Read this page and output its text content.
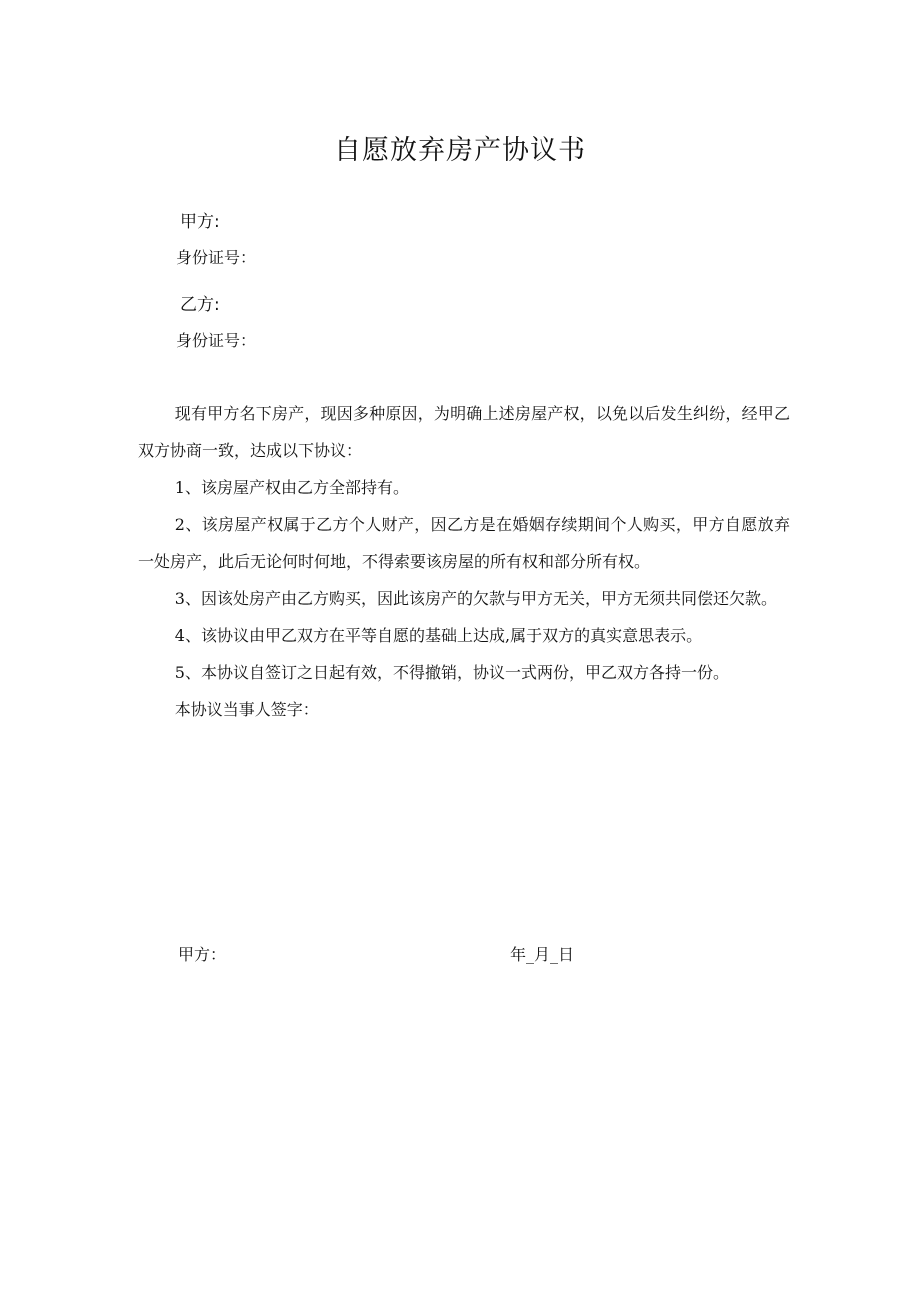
自愿放弃房产协议书
甲方:
身份证号：
乙方:
身份证号：

现有甲方名下房产，现因多种原因，为明确上述房屋产权，以免以后发生纠纷，经甲乙双方协商一致，达成以下协议：

1、该房屋产权由乙方全部持有。

2、该房屋产权属于乙方个人财产，因乙方是在婚姻存续期间个人购买，甲方自愿放弃一处房产，此后无论何时何地，不得索要该房屋的所有权和部分所有权。

3、因该处房产由乙方购买，因此该房产的欠款与甲方无关，甲方无须共同偿还欠款。

4、该协议由甲乙双方在平等自愿的基础上达成,属于双方的真实意思表示。

5、本协议自签订之日起有效，不得撤销，协议一式两份，甲乙双方各持一份。

本协议当事人签字：

甲方：	年_月_日
